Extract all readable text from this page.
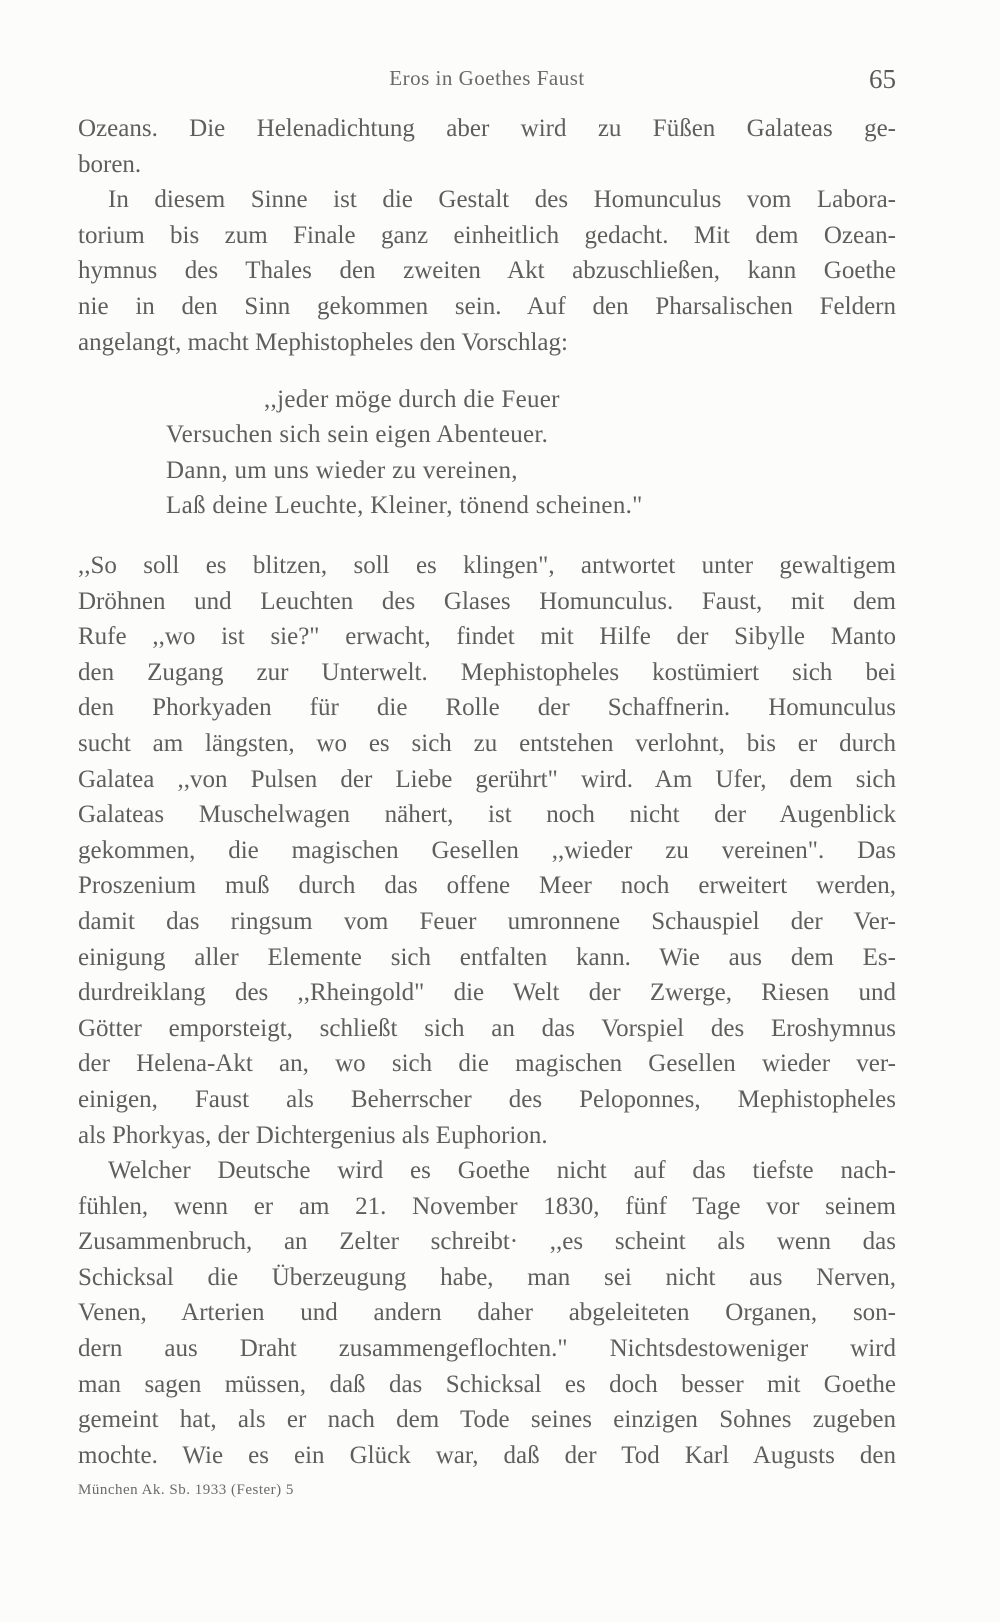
Eros in Goethes Faust	65
Ozeans. Die Helenadichtung aber wird zu Füßen Galateas ge-
boren.
In diesem Sinne ist die Gestalt des Homunculus vom Labora-
torium bis zum Finale ganz einheitlich gedacht. Mit dem Ozean-
hymnus des Thales den zweiten Akt abzuschließen, kann Goethe
nie in den Sinn gekommen sein. Auf den Pharsalischen Feldern
angelangt, macht Mephistopheles den Vorschlag:
,,jeder möge durch die Feuer
Versuchen sich sein eigen Abenteuer.
Dann, um uns wieder zu vereinen,
Laß deine Leuchte, Kleiner, tönend scheinen."
,,So soll es blitzen, soll es klingen", antwortet unter gewaltigem
Dröhnen und Leuchten des Glases Homunculus. Faust, mit dem
Rufe ,,wo ist sie?" erwacht, findet mit Hilfe der Sibylle Manto
den Zugang zur Unterwelt. Mephistopheles kostümiert sich bei
den Phorkyaden für die Rolle der Schaffnerin. Homunculus
sucht am längsten, wo es sich zu entstehen verlohnt, bis er durch
Galatea ,,von Pulsen der Liebe gerührt" wird. Am Ufer, dem sich
Galateas Muschelwagen nähert, ist noch nicht der Augenblick
gekommen, die magischen Gesellen ,,wieder zu vereinen". Das
Proszenium muß durch das offene Meer noch erweitert werden,
damit das ringsum vom Feuer umronnene Schauspiel der Ver-
einigung aller Elemente sich entfalten kann. Wie aus dem Es-
durdreiklang des ,,Rheingold" die Welt der Zwerge, Riesen und
Götter emporsteigt, schließt sich an das Vorspiel des Eroshymnus
der Helena-Akt an, wo sich die magischen Gesellen wieder ver-
einigen, Faust als Beherrscher des Peloponnes, Mephistopheles
als Phorkyas, der Dichtergenius als Euphorion.
Welcher Deutsche wird es Goethe nicht auf das tiefste nach-
fühlen, wenn er am 21. November 1830, fünf Tage vor seinem
Zusammenbruch, an Zelter schreibt· ,,es scheint als wenn das
Schicksal die Überzeugung habe, man sei nicht aus Nerven,
Venen, Arterien und andern daher abgeleiteten Organen, son-
dern aus Draht zusammengeflochten." Nichtsdestoweniger wird
man sagen müssen, daß das Schicksal es doch besser mit Goethe
gemeint hat, als er nach dem Tode seines einzigen Sohnes zugeben
mochte. Wie es ein Glück war, daß der Tod Karl Augusts den
München Ak. Sb. 1933 (Fester) 5
